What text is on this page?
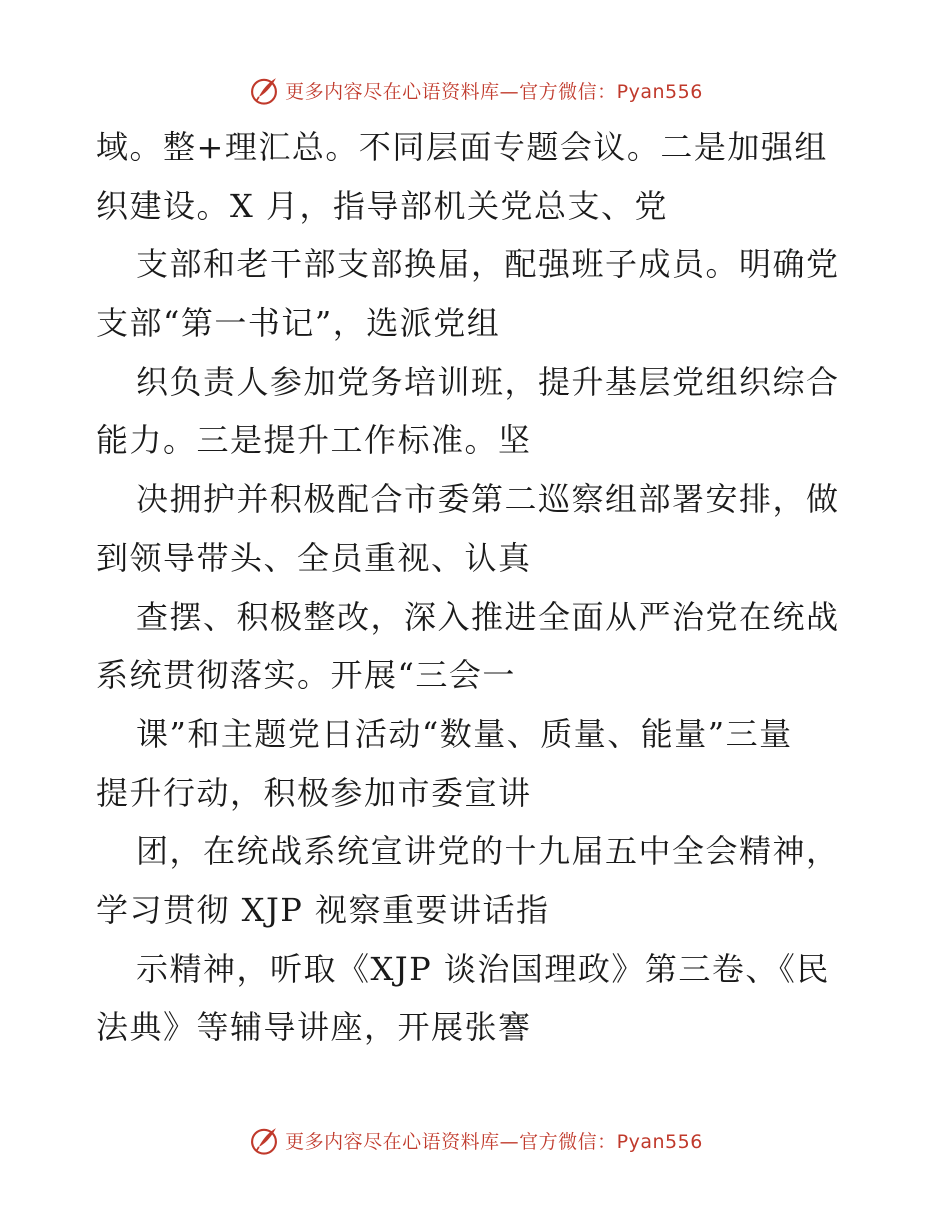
更多内容尽在心语资料库—官方微信：Pyan556
域。整+理汇总。不同层面专题会议。二是加强组
织建设。X 月，指导部机关党总支、党
支部和老干部支部换届，配强班子成员。明确党
支部“第一书记”，选派党组
织负责人参加党务培训班，提升基层党组织综合
能力。三是提升工作标准。坚
决拥护并积极配合市委第二巡察组部署安排，做
到领导带头、全员重视、认真
查摆、积极整改，深入推进全面从严治党在统战
系统贯彻落实。开展“三会一
课”和主题党日活动“数量、质量、能量”三量
提升行动，积极参加市委宣讲
团，在统战系统宣讲党的十九届五中全会精神，
学习贯彻 XJP 视察重要讲话指
示精神，听取《XJP 谈治国理政》第三卷、《民
法典》等辅导讲座，开展张謇
更多内容尽在心语资料库—官方微信：Pyan556
